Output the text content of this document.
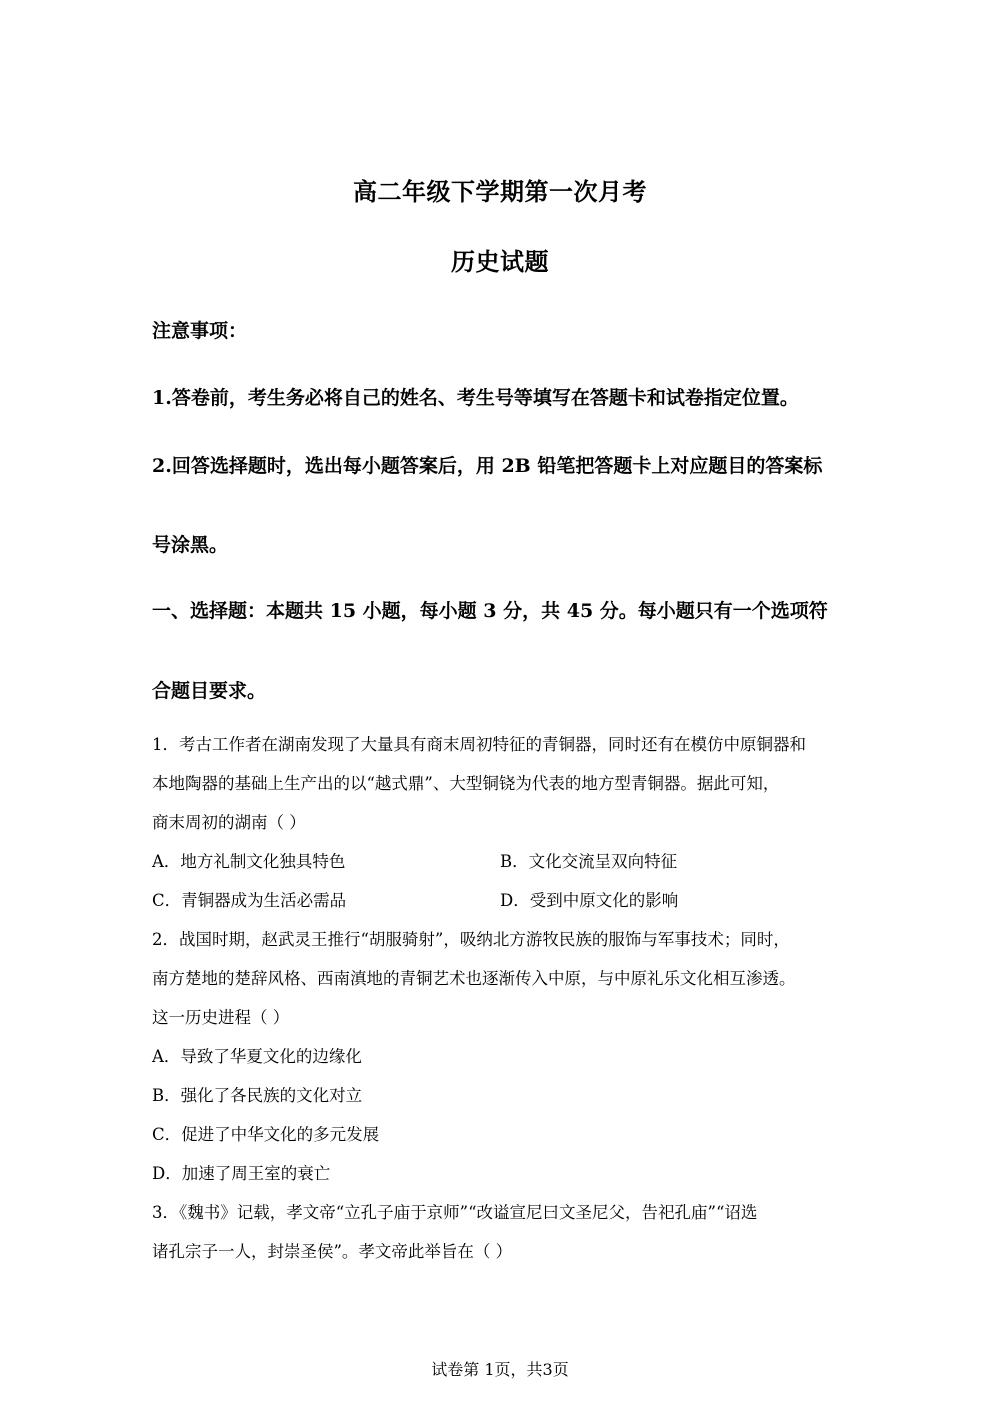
高二年级下学期第一次月考
历史试题
注意事项：
1.答卷前，考生务必将自己的姓名、考生号等填写在答题卡和试卷指定位置。
2.回答选择题时，选出每小题答案后，用 2B 铅笔把答题卡上对应题目的答案标
号涂黑。
一、选择题：本题共 15 小题，每小题 3 分，共 45 分。每小题只有一个选项符
合题目要求。
1．考古工作者在湖南发现了大量具有商末周初特征的青铜器，同时还有在模仿中原铜器和
本地陶器的基础上生产出的以“越式鼎”、大型铜铙为代表的地方型青铜器。据此可知，
商末周初的湖南（ ）
A．地方礼制文化独具特色	B．文化交流呈双向特征
C．青铜器成为生活必需品	D．受到中原文化的影响
2．战国时期，赵武灵王推行“胡服骑射”，吸纳北方游牧民族的服饰与军事技术；同时，
南方楚地的楚辞风格、西南滇地的青铜艺术也逐渐传入中原，与中原礼乐文化相互渗透。
这一历史进程（ ）
A．导致了华夏文化的边缘化
B．强化了各民族的文化对立
C．促进了中华文化的多元发展
D．加速了周王室的衰亡
3．《魏书》记载，孝文帝“立孔子庙于京师”“改谥宣尼曰文圣尼父，告祀孔庙”“诏选
诸孔宗子一人，封崇圣侯”。孝文帝此举旨在（ ）
试卷第 1页，共3页
